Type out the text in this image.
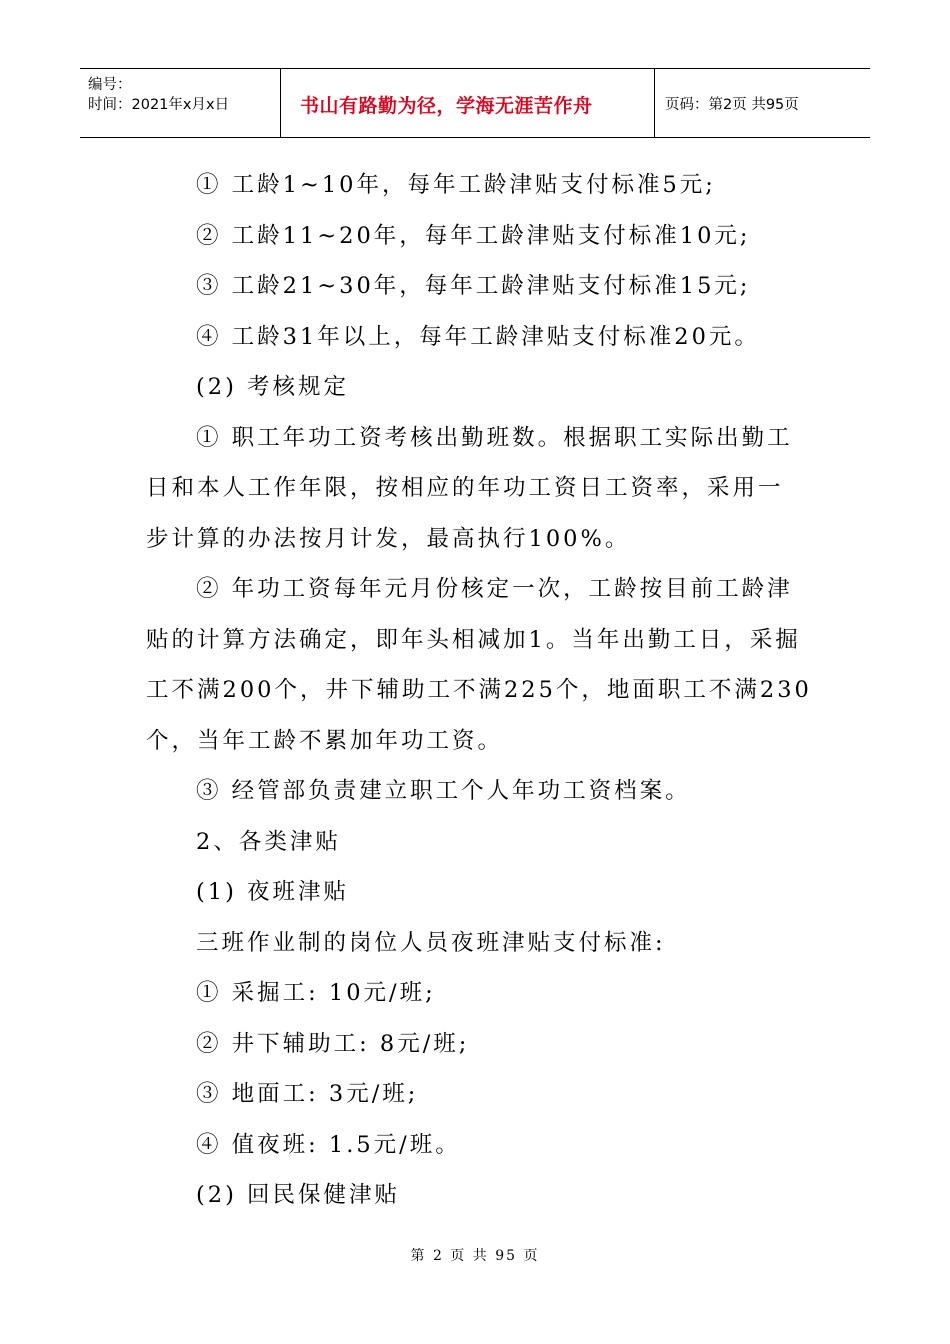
编号：
时间：2021年x月x日	书山有路勤为径，学海无涯苦作舟	页码：第2页 共95页
① 工龄1~10年，每年工龄津贴支付标准5元;
② 工龄11~20年，每年工龄津贴支付标准10元;
③ 工龄21~30年，每年工龄津贴支付标准15元;
④ 工龄31年以上，每年工龄津贴支付标准20元。
(2) 考核规定
① 职工年功工资考核出勤班数。根据职工实际出勤工
日和本人工作年限，按相应的年功工资日工资率，采用一
步计算的办法按月计发，最高执行100%。
② 年功工资每年元月份核定一次，工龄按目前工龄津
贴的计算方法确定，即年头相减加1。当年出勤工日，采掘
工不满200个，井下辅助工不满225个，地面职工不满230
个，当年工龄不累加年功工资。
③ 经管部负责建立职工个人年功工资档案。
2、各类津贴
(1) 夜班津贴
三班作业制的岗位人员夜班津贴支付标准:
① 采掘工: 10元/班;
② 井下辅助工: 8元/班;
③ 地面工: 3元/班;
④ 值夜班: 1.5元/班。
(2) 回民保健津贴
第 2 页 共 95 页
